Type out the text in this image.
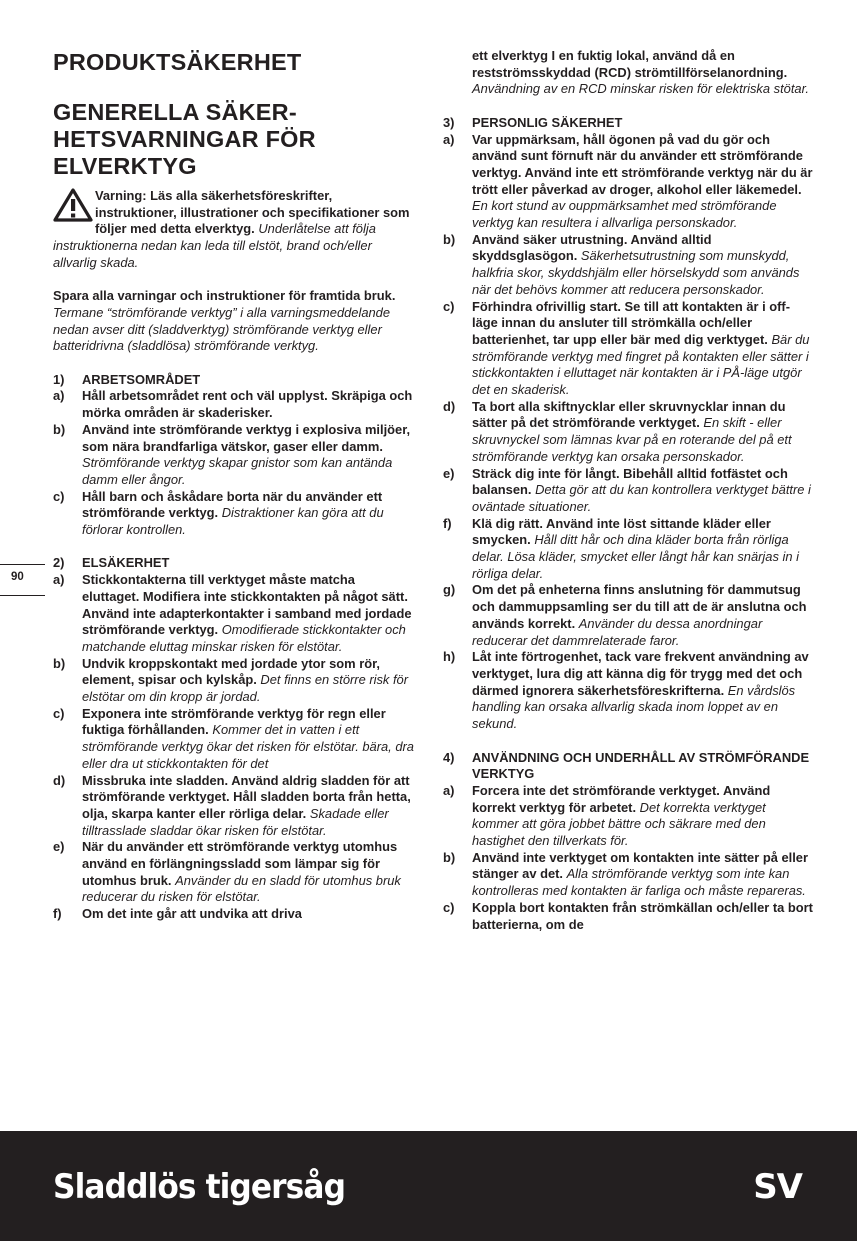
PRODUKTSÄKERHET
GENERELLA SÄKER-HETSVARNINGAR FÖR ELVERKTYG

Varning: Läs alla säkerhetsföreskrifter, instruktioner, illustrationer och specifikationer som följer med detta elverktyg. Underlåtelse att följa instruktionerna nedan kan leda till elstöt, brand och/eller allvarlig skada.

Spara alla varningar och instruktioner för framtida bruk.
Termane “strömförande verktyg” i alla varningsmeddelande nedan avser ditt (sladdverktyg) strömförande verktyg eller batteridrivna (sladdlösa) strömförande verktyg.

1)	ARBETSOMRÅDET
a)	Håll arbetsområdet rent och väl upplyst. Skräpiga och mörka områden är skaderisker.
b)	Använd inte strömförande verktyg i explosiva miljöer, som nära brandfarliga vätskor, gaser eller damm. Strömförande verktyg skapar gnistor som kan antända damm eller ångor.
c)	Håll barn och åskådare borta när du använder ett strömförande verktyg. Distraktioner kan göra att du förlorar kontrollen.
2)	ELSÄKERHET
a)	Stickkontakterna till verktyget måste matcha eluttaget. Modifiera inte stickkontakten på något sätt. Använd inte adapterkontakter i samband med jordade strömförande verktyg. Omodifierade stickkontakter och matchande eluttag minskar risken för elstötar.
b)	Undvik kroppskontakt med jordade ytor som rör, element, spisar och kylskåp. Det finns en större risk för elstötar om din kropp är jordad.
c)	Exponera inte strömförande verktyg för regn eller fuktiga förhållanden. Kommer det in vatten i ett strömförande verktyg ökar det risken för elstötar. bära, dra eller dra ut stickkontakten för det
d)	Missbruka inte sladden. Använd aldrig sladden för att strömförande verktyget. Håll sladden borta från hetta, olja, skarpa kanter eller rörliga delar. Skadade eller tilltrasslade sladdar ökar risken för elstötar.
e)	När du använder ett strömförande verktyg utomhus använd en förlängningssladd som lämpar sig för utomhus bruk. Använder du en sladd för utomhus bruk reducerar du risken för elstötar.
f)	Om det inte går att undvika att driva
ett elverktyg I en fuktig lokal, använd då en restströmsskyddad (RCD) strömtillförselanordning. Användning av en RCD minskar risken för elektriska stötar.
3)	PERSONLIG SÄKERHET
a)	Var uppmärksam, håll ögonen på vad du gör och använd sunt förnuft när du använder ett strömförande verktyg. Använd inte ett strömförande verktyg när du är trött eller påverkad av droger, alkohol eller läkemedel. En kort stund av ouppmärksamhet med strömförande verktyg kan resultera i allvarliga personskador.
b)	Använd säker utrustning. Använd alltid skyddsglasögon. Säkerhetsutrustning som munskydd, halkfria skor, skyddshjälm eller hörselskydd som används när det behövs kommer att reducera personskador.
c)	Förhindra ofrivillig start. Se till att kontakten är i off-läge innan du ansluter till strömkälla och/eller batterienhet, tar upp eller bär med dig verktyget. Bär du strömförande verktyg med fingret på kontakten eller sätter i stickkontakten i elluttaget när kontakten är i PÅ-läge utgör det en skaderisk.
d)	Ta bort alla skiftnycklar eller skruvnycklar innan du sätter på det strömförande verktyget. En skift - eller skruvnyckel som lämnas kvar på en roterande del på ett strömförande verktyg kan orsaka personskador.
e)	Sträck dig inte för långt. Bibehåll alltid fotfästet och balansen. Detta gör att du kan kontrollera verktyget bättre i oväntade situationer.
f)	Klä dig rätt. Använd inte löst sittande kläder eller smycken. Håll ditt hår och dina kläder borta från rörliga delar. Lösa kläder, smycket eller långt hår kan snärjas in i rörliga delar.
g)	Om det på enheterna finns anslutning för dammutsug och dammuppsamling ser du till att de är anslutna och används korrekt. Använder du dessa anordningar reducerar det dammrelaterade faror.
h)	Låt inte förtrogenhet, tack vare frekvent användning av verktyget, lura dig att känna dig för trygg med det och därmed ignorera säkerhetsföreskrifterna. En vårdslös handling kan orsaka allvarlig skada inom loppet av en sekund.
4)	ANVÄNDNING OCH UNDERHÅLL AV STRÖMFÖRANDE VERKTYG
a)	Forcera inte det strömförande verktyget. Använd korrekt verktyg för arbetet. Det korrekta verktyget kommer att göra jobbet bättre och säkrare med den hastighet den tillverkats för.
b)	Använd inte verktyget om kontakten inte sätter på eller stänger av det. Alla strömförande verktyg som inte kan kontrolleras med kontakten är farliga och måste repareras.
c)	Koppla bort kontakten från strömkällan och/eller ta bort batterierna, om de
90
Sladdlös tigersåg	SV
